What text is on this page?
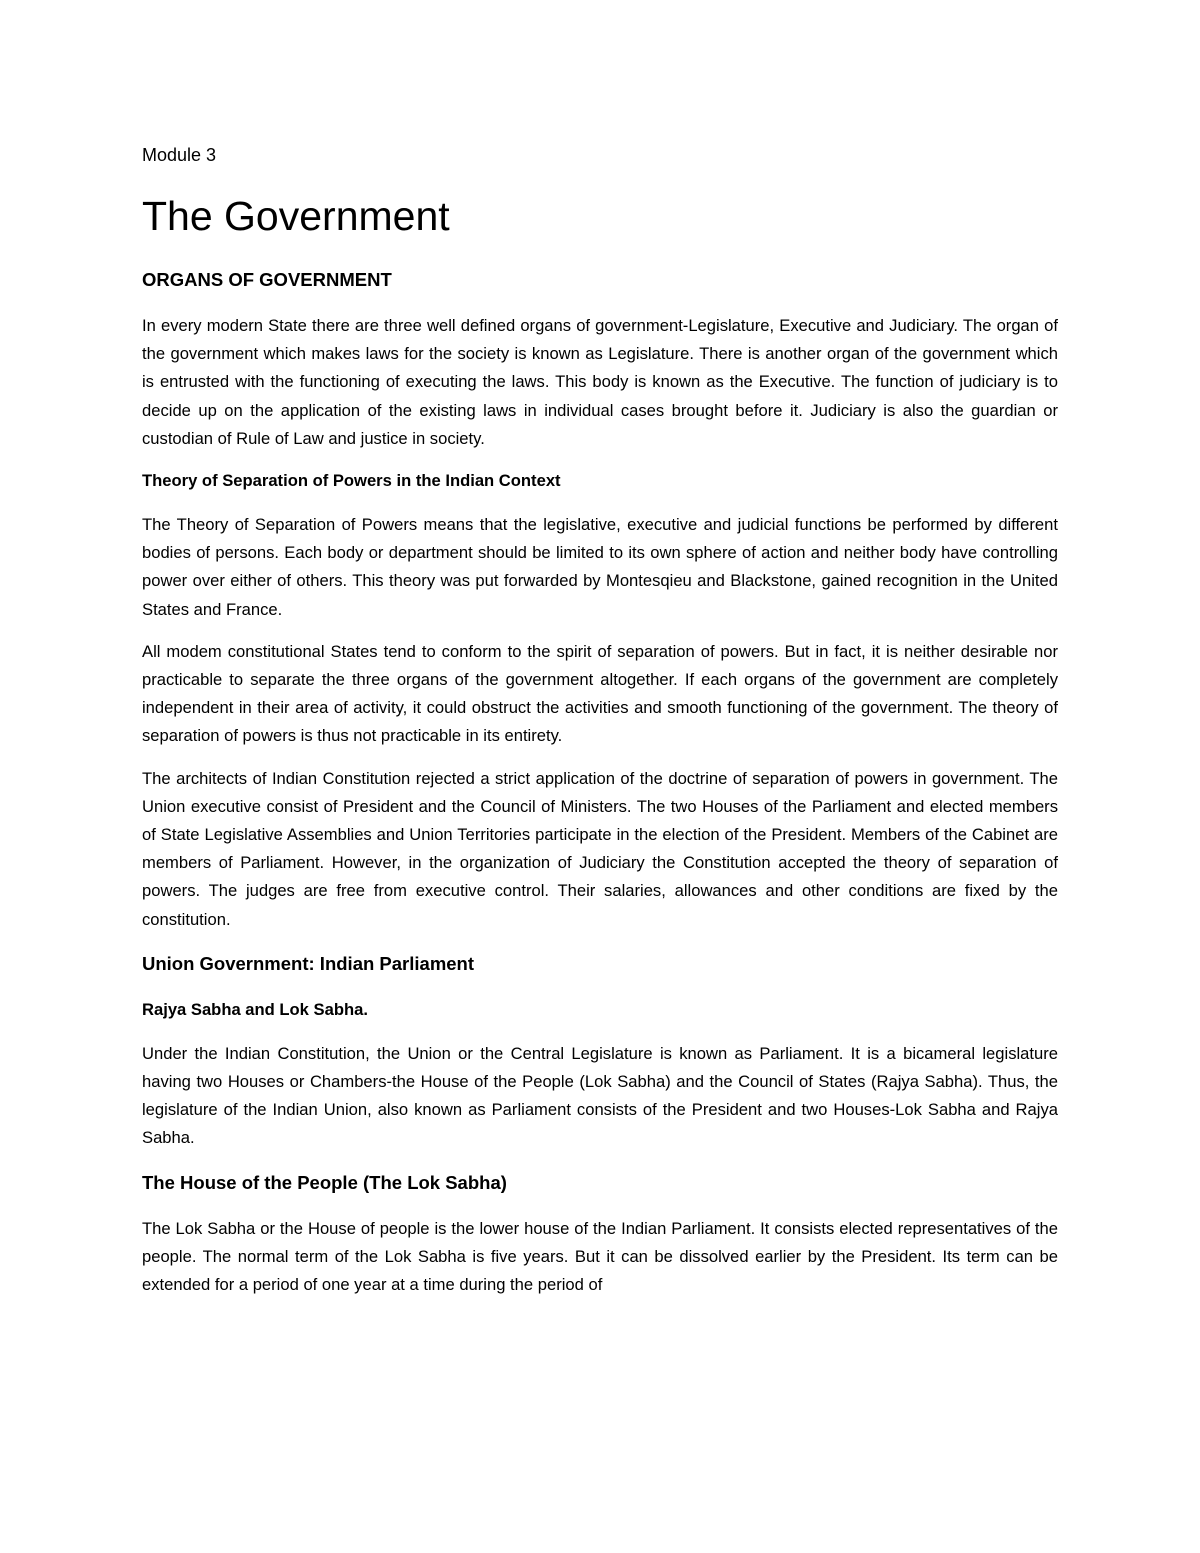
Module 3
The Government
ORGANS OF GOVERNMENT

In every modern State there are three well defined organs of government-Legislature, Executive and Judiciary. The organ of the government which makes laws for the society is known as Legislature. There is another organ of the government which is entrusted with the functioning of executing the laws. This body is known as the Executive. The function of judiciary is to decide up on the application of the existing laws in individual cases brought before it. Judiciary is also the guardian or custodian of Rule of Law and justice in society.

Theory of Separation of Powers in the Indian Context

The Theory of Separation of Powers means that the legislative, executive and judicial functions be performed by different bodies of persons. Each body or department should be limited to its own sphere of action and neither body have controlling power over either of others. This theory was put forwarded by Montesqieu and Blackstone, gained recognition in the United States and France.

All modem constitutional States tend to conform to the spirit of separation of powers. But in fact, it is neither desirable nor practicable to separate the three organs of the government altogether. If each organs of the government are completely independent in their area of activity, it could obstruct the activities and smooth functioning of the government. The theory of separation of powers is thus not practicable in its entirety.

The architects of Indian Constitution rejected a strict application of the doctrine of separation of powers in government. The Union executive consist of President and the Council of Ministers. The two Houses of the Parliament and elected members of State Legislative Assemblies and Union Territories participate in the election of the President. Members of the Cabinet are members of Parliament. However, in the organization of Judiciary the Constitution accepted the theory of separation of powers. The judges are free from executive control. Their salaries, allowances and other conditions are fixed by the constitution.

Union Government: Indian Parliament
Rajya Sabha and Lok Sabha.

Under the Indian Constitution, the Union or the Central Legislature is known as Parliament. It is a bicameral legislature having two Houses or Chambers-the House of the People (Lok Sabha) and the Council of States (Rajya Sabha). Thus, the legislature of the Indian Union, also known as Parliament consists of the President and two Houses-Lok Sabha and Rajya Sabha.

The House of the People (The Lok Sabha)

The Lok Sabha or the House of people is the lower house of the Indian Parliament. It consists elected representatives of the people. The normal term of the Lok Sabha is five years. But it can be dissolved earlier by the President. Its term can be extended for a period of one year at a time during the period of
